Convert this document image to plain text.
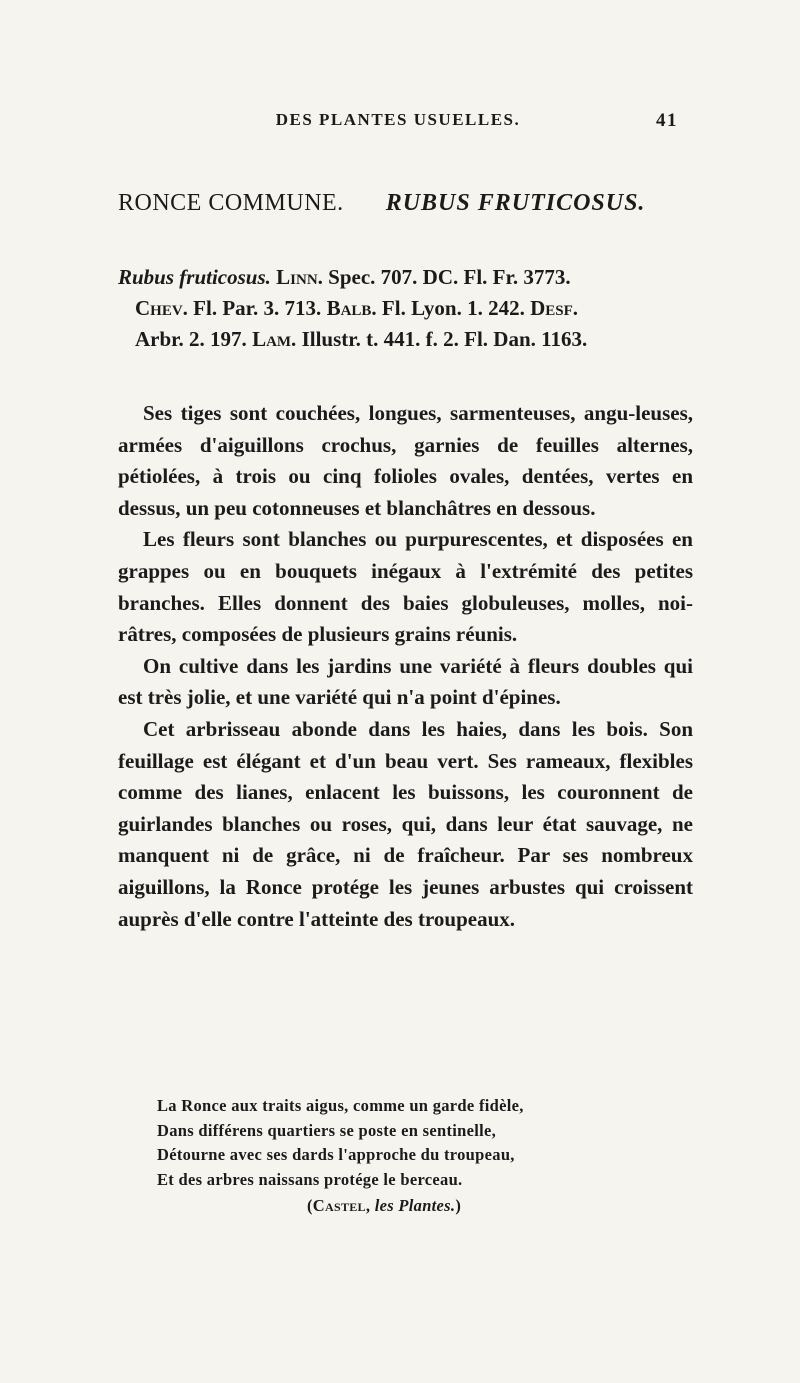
DES PLANTES USUELLES.	41
RONCE COMMUNE. RUBUS FRUTICOSUS.
Rubus fruticosus. Linn. Spec. 707. DC. Fl. Fr. 3773.
Chev. Fl. Par. 3. 713. Balb. Fl. Lyon. 1. 242. Desf.
Arbr. 2. 197. Lam. Illustr. t. 441. f. 2. Fl. Dan. 1163.

Ses tiges sont couchées, longues, sarmenteuses, angu-leuses, armées d'aiguillons crochus, garnies de feuilles alternes, pétiolées, à trois ou cinq folioles ovales, dentées, vertes en dessus, un peu cotonneuses et blanchâtres en dessous.

Les fleurs sont blanches ou purpurescentes, et disposées en grappes ou en bouquets inégaux à l'extrémité des petites branches. Elles donnent des baies globuleuses, molles, noi-râtres, composées de plusieurs grains réunis.

On cultive dans les jardins une variété à fleurs doubles qui est très jolie, et une variété qui n'a point d'épines.

Cet arbrisseau abonde dans les haies, dans les bois. Son feuillage est élégant et d'un beau vert. Ses rameaux, flexibles comme des lianes, enlacent les buissons, les couronnent de guirlandes blanches ou roses, qui, dans leur état sauvage, ne manquent ni de grâce, ni de fraîcheur. Par ses nombreux aiguillons, la Ronce protége les jeunes arbustes qui croissent auprès d'elle contre l'atteinte des troupeaux.

La Ronce aux traits aigus, comme un garde fidèle,
Dans différens quartiers se poste en sentinelle,
Détourne avec ses dards l'approche du troupeau,
Et des arbres naissans protége le berceau.
(Castel, les Plantes.)
